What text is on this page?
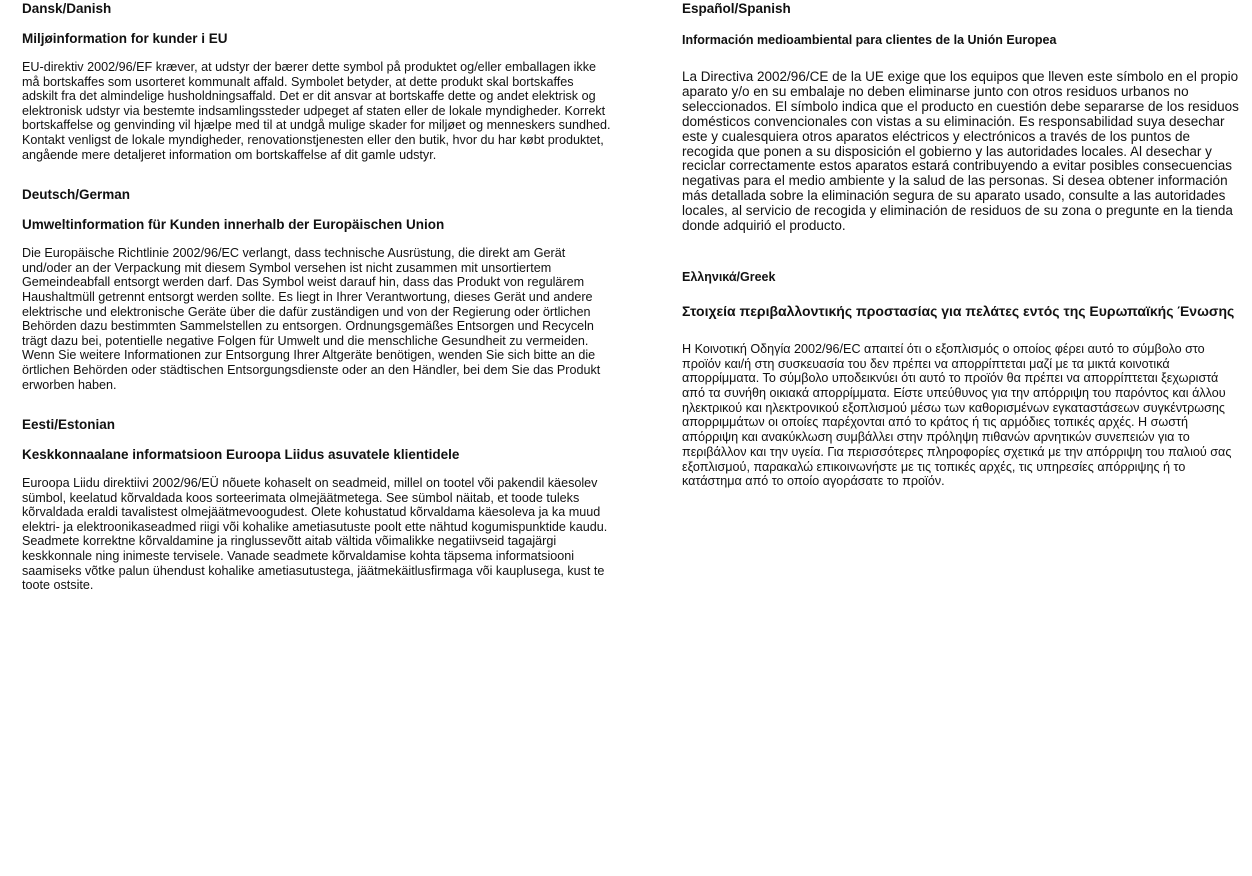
Dansk/Danish

Miljøinformation for kunder i EU

EU-direktiv 2002/96/EF kræver, at udstyr der bærer dette symbol på produktet og/eller emballagen ikke må bortskaffes som usorteret kommunalt affald. Symbolet betyder, at dette produkt skal bortskaffes adskilt fra det almindelige husholdningsaffald. Det er dit ansvar at bortskaffe dette og andet elektrisk og elektronisk udstyr via bestemte indsamlingssteder udpeget af staten eller de lokale myndigheder. Korrekt bortskaffelse og genvinding vil hjælpe med til at undgå mulige skader for miljøet og menneskers sundhed. Kontakt venligst de lokale myndigheder, renovationstjenesten eller den butik, hvor du har købt produktet, angående mere detaljeret information om bortskaffelse af dit gamle udstyr.

Deutsch/German

Umweltinformation für Kunden innerhalb der Europäischen Union

Die Europäische Richtlinie 2002/96/EC verlangt, dass technische Ausrüstung, die direkt am Gerät und/oder an der Verpackung mit diesem Symbol versehen ist nicht zusammen mit unsortiertem Gemeindeabfall entsorgt werden darf. Das Symbol weist darauf hin, dass das Produkt von regulärem Haushaltmüll getrennt entsorgt werden sollte. Es liegt in Ihrer Verantwortung, dieses Gerät und andere elektrische und elektronische Geräte über die dafür zuständigen und von der Regierung oder örtlichen Behörden dazu bestimmten Sammelstellen zu entsorgen. Ordnungsgemäßes Entsorgen und Recyceln trägt dazu bei, potentielle negative Folgen für Umwelt und die menschliche Gesundheit zu vermeiden. Wenn Sie weitere Informationen zur Entsorgung Ihrer Altgeräte benötigen, wenden Sie sich bitte an die örtlichen Behörden oder städtischen Entsorgungsdienste oder an den Händler, bei dem Sie das Produkt erworben haben.

Eesti/Estonian

Keskkonnaalane informatsioon Euroopa Liidus asuvatele klientidele

Euroopa Liidu direktiivi 2002/96/EÜ nõuete kohaselt on seadmeid, millel on tootel või pakendil käesolev sümbol, keelatud kõrvaldada koos sorteerimata olmejäätmetega. See sümbol näitab, et toode tuleks kõrvaldada eraldi tavalistest olmejäätmevoogudest. Olete kohustatud kõrvaldama käesoleva ja ka muud elektri- ja elektroonikaseadmed riigi või kohalike ametiasutuste poolt ette nähtud kogumispunktide kaudu. Seadmete korrektne kõrvaldamine ja ringlussevõtt aitab vältida võimalikke negatiivseid tagajärgi keskkonnale ning inimeste tervisele. Vanade seadmete kõrvaldamise kohta täpsema informatsiooni saamiseks võtke palun ühendust kohalike ametiasutustega, jäätmekäitlusfirmaga või kauplusega, kust te toote ostsite.

Español/Spanish

Información medioambiental para clientes de la Unión Europea

La Directiva 2002/96/CE de la UE exige que los equipos que lleven este símbolo en el propio aparato y/o en su embalaje no deben eliminarse junto con otros residuos urbanos no seleccionados. El símbolo indica que el producto en cuestión debe separarse de los residuos domésticos convencionales con vistas a su eliminación. Es responsabilidad suya desechar este y cualesquiera otros aparatos eléctricos y electrónicos a través de los puntos de recogida que ponen a su disposición el gobierno y las autoridades locales. Al desechar y reciclar correctamente estos aparatos estará contribuyendo a evitar posibles consecuencias negativas para el medio ambiente y la salud de las personas. Si desea obtener información más detallada sobre la eliminación segura de su aparato usado, consulte a las autoridades locales, al servicio de recogida y eliminación de residuos de su zona o pregunte en la tienda donde adquirió el producto.

Ελληνικά/Greek

Στοιχεία περιβαλλοντικής προστασίας για πελάτες εντός της Ευρωπαϊκής Ένωσης

Η Κοινοτική Οδηγία 2002/96/EC απαιτεί ότι ο εξοπλισμός ο οποίος φέρει αυτό το σύμβολο στο προϊόν και/ή στη συσκευασία του δεν πρέπει να απορρίπτεται μαζί με τα μικτά κοινοτικά απορρίμματα. Το σύμβολο υποδεικνύει ότι αυτό το προϊόν θα πρέπει να απορρίπτεται ξεχωριστά από τα συνήθη οικιακά απορρίμματα. Είστε υπεύθυνος για την απόρριψη του παρόντος και άλλου ηλεκτρικού και ηλεκτρονικού εξοπλισμού μέσω των καθορισμένων εγκαταστάσεων συγκέντρωσης απορριμμάτων οι οποίες παρέχονται από το κράτος ή τις αρμόδιες τοπικές αρχές. Η σωστή απόρριψη και ανακύκλωση συμβάλλει στην πρόληψη πιθανών αρνητικών συνεπειών για το περιβάλλον και την υγεία. Για περισσότερες πληροφορίες σχετικά με την απόρριψη του παλιού σας εξοπλισμού, παρακαλώ επικοινωνήστε με τις τοπικές αρχές, τις υπηρεσίες απόρριψης ή το κατάστημα από το οποίο αγοράσατε το προϊόν.
